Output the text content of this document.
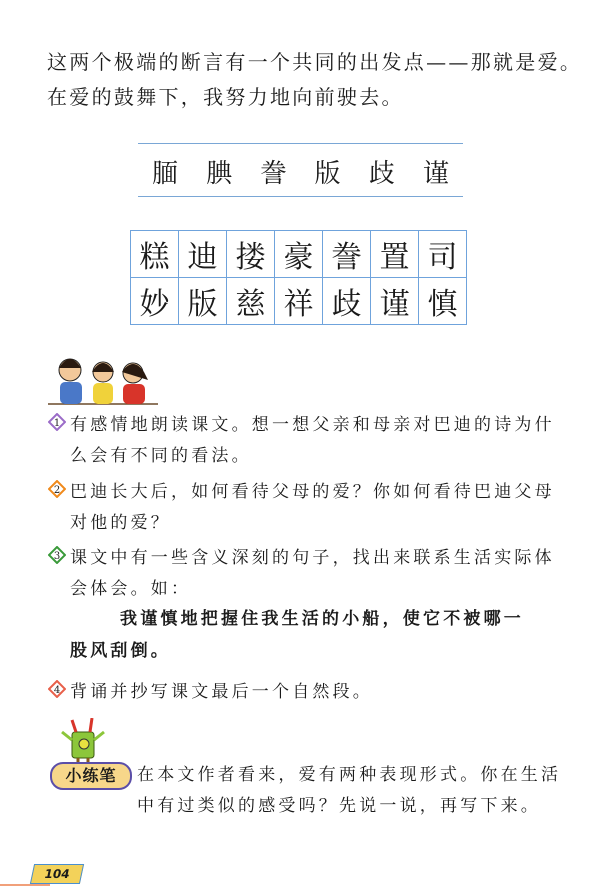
这两个极端的断言有一个共同的出发点——那就是爱。
在爱的鼓舞下，我努力地向前驶去。
腼 腆 誊 版 歧 谨
糕	迪	搂	豪	誊	置	司
妙	版	慈	祥	歧	谨	慎
1 有感情地朗读课文。想一想父亲和母亲对巴迪的诗为什
么会有不同的看法。
2 巴迪长大后，如何看待父母的爱？你如何看待巴迪父母
对他的爱？
3 课文中有一些含义深刻的句子，找出来联系生活实际体
会体会。如：
我谨慎地把握住我生活的小船，使它不被哪一
股风刮倒。
4 背诵并抄写课文最后一个自然段。
小练笔	在本文作者看来，爱有两种表现形式。你在生活
中有过类似的感受吗？先说一说，再写下来。
104
